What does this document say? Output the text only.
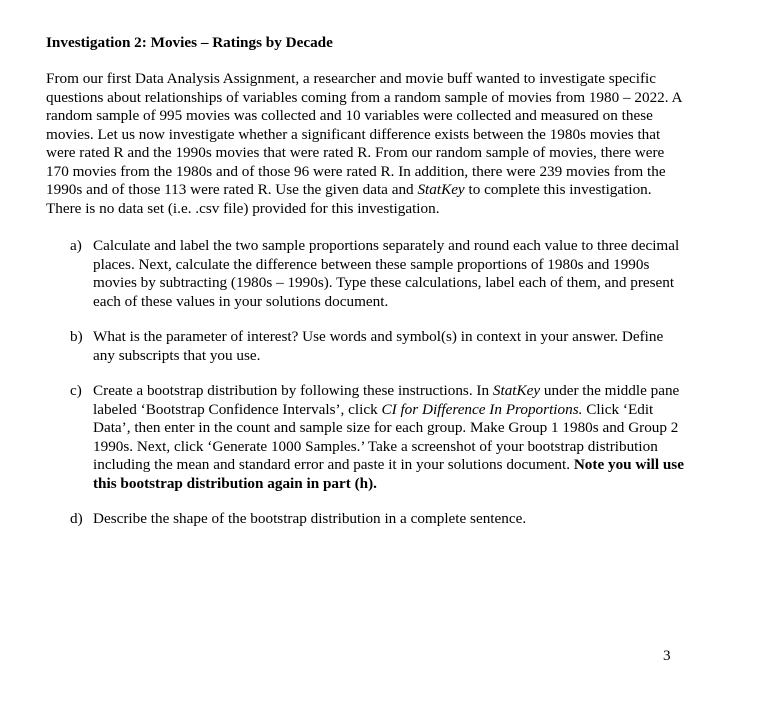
Investigation 2: Movies – Ratings by Decade

From our first Data Analysis Assignment, a researcher and movie buff wanted to investigate specific questions about relationships of variables coming from a random sample of movies from 1980 – 2022. A random sample of 995 movies was collected and 10 variables were collected and measured on these movies. Let us now investigate whether a significant difference exists between the 1980s movies that were rated R and the 1990s movies that were rated R. From our random sample of movies, there were 170 movies from the 1980s and of those 96 were rated R. In addition, there were 239 movies from the 1990s and of those 113 were rated R. Use the given data and StatKey to complete this investigation. There is no data set (i.e. .csv file) provided for this investigation.

a) Calculate and label the two sample proportions separately and round each value to three decimal places. Next, calculate the difference between these sample proportions of 1980s and 1990s movies by subtracting (1980s – 1990s). Type these calculations, label each of them, and present each of these values in your solutions document.
b) What is the parameter of interest? Use words and symbol(s) in context in your answer. Define any subscripts that you use.
c) Create a bootstrap distribution by following these instructions. In StatKey under the middle pane labeled ‘Bootstrap Confidence Intervals’, click CI for Difference In Proportions. Click ‘Edit Data’, then enter in the count and sample size for each group. Make Group 1 1980s and Group 2 1990s. Next, click ‘Generate 1000 Samples.’ Take a screenshot of your bootstrap distribution including the mean and standard error and paste it in your solutions document. Note you will use this bootstrap distribution again in part (h).
d) Describe the shape of the bootstrap distribution in a complete sentence.
3
